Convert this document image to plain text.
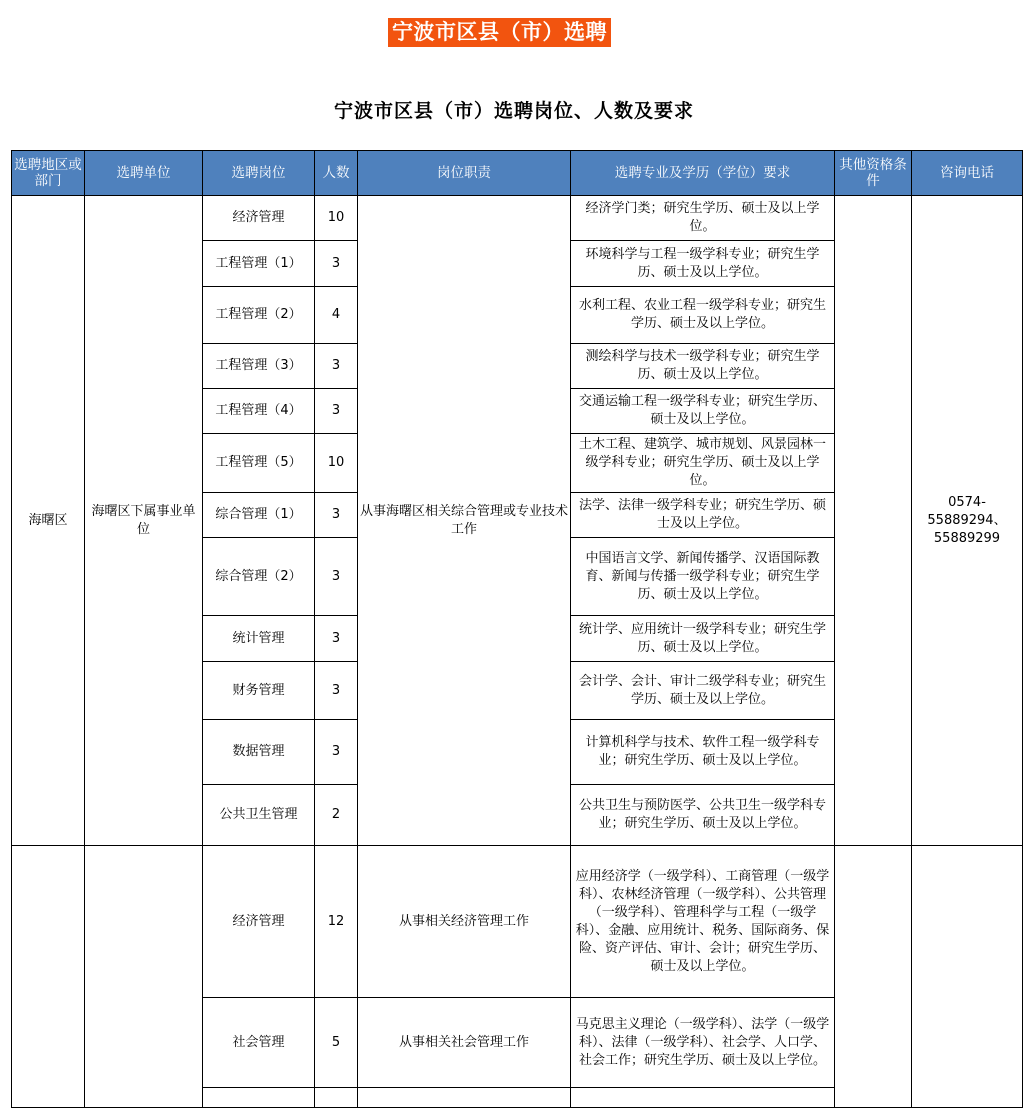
宁波市区县（市）选聘
宁波市区县（市）选聘岗位、人数及要求
选聘地区或部门	选聘单位	选聘岗位	人数	岗位职责	选聘专业及学历（学位）要求	其他资格条件	咨询电话
海曙区	海曙区下属事业单位	经济管理	10	从事海曙区相关综合管理或专业技术工作	经济学门类；研究生学历、硕士及以上学位。		0574-55889294、55889299
		工程管理（1）	3		环境科学与工程一级学科专业；研究生学历、硕士及以上学位。		
		工程管理（2）	4		水利工程、农业工程一级学科专业；研究生学历、硕士及以上学位。		
		工程管理（3）	3		测绘科学与技术一级学科专业；研究生学历、硕士及以上学位。		
		工程管理（4）	3		交通运输工程一级学科专业；研究生学历、硕士及以上学位。		
		工程管理（5）	10		土木工程、建筑学、城市规划、风景园林一级学科专业；研究生学历、硕士及以上学位。		
		综合管理（1）	3		法学、法律一级学科专业；研究生学历、硕士及以上学位。		
		综合管理（2）	3		中国语言文学、新闻传播学、汉语国际教育、新闻与传播一级学科专业；研究生学历、硕士及以上学位。		
		统计管理	3		统计学、应用统计一级学科专业；研究生学历、硕士及以上学位。		
		财务管理	3		会计学、会计、审计二级学科专业；研究生学历、硕士及以上学位。		
		数据管理	3		计算机科学与技术、软件工程一级学科专业；研究生学历、硕士及以上学位。		
		公共卫生管理	2		公共卫生与预防医学、公共卫生一级学科专业；研究生学历、硕士及以上学位。		
		经济管理	12	从事相关经济管理工作	应用经济学（一级学科）、工商管理（一级学科）、农林经济管理（一级学科）、公共管理（一级学科）、管理科学与工程（一级学科）、金融、应用统计、税务、国际商务、保险、资产评估、审计、会计；研究生学历、硕士及以上学位。		
		社会管理	5	从事相关社会管理工作	马克思主义理论（一级学科）、法学（一级学科）、法律（一级学科）、社会学、人口学、社会工作；研究生学历、硕士及以上学位。		
